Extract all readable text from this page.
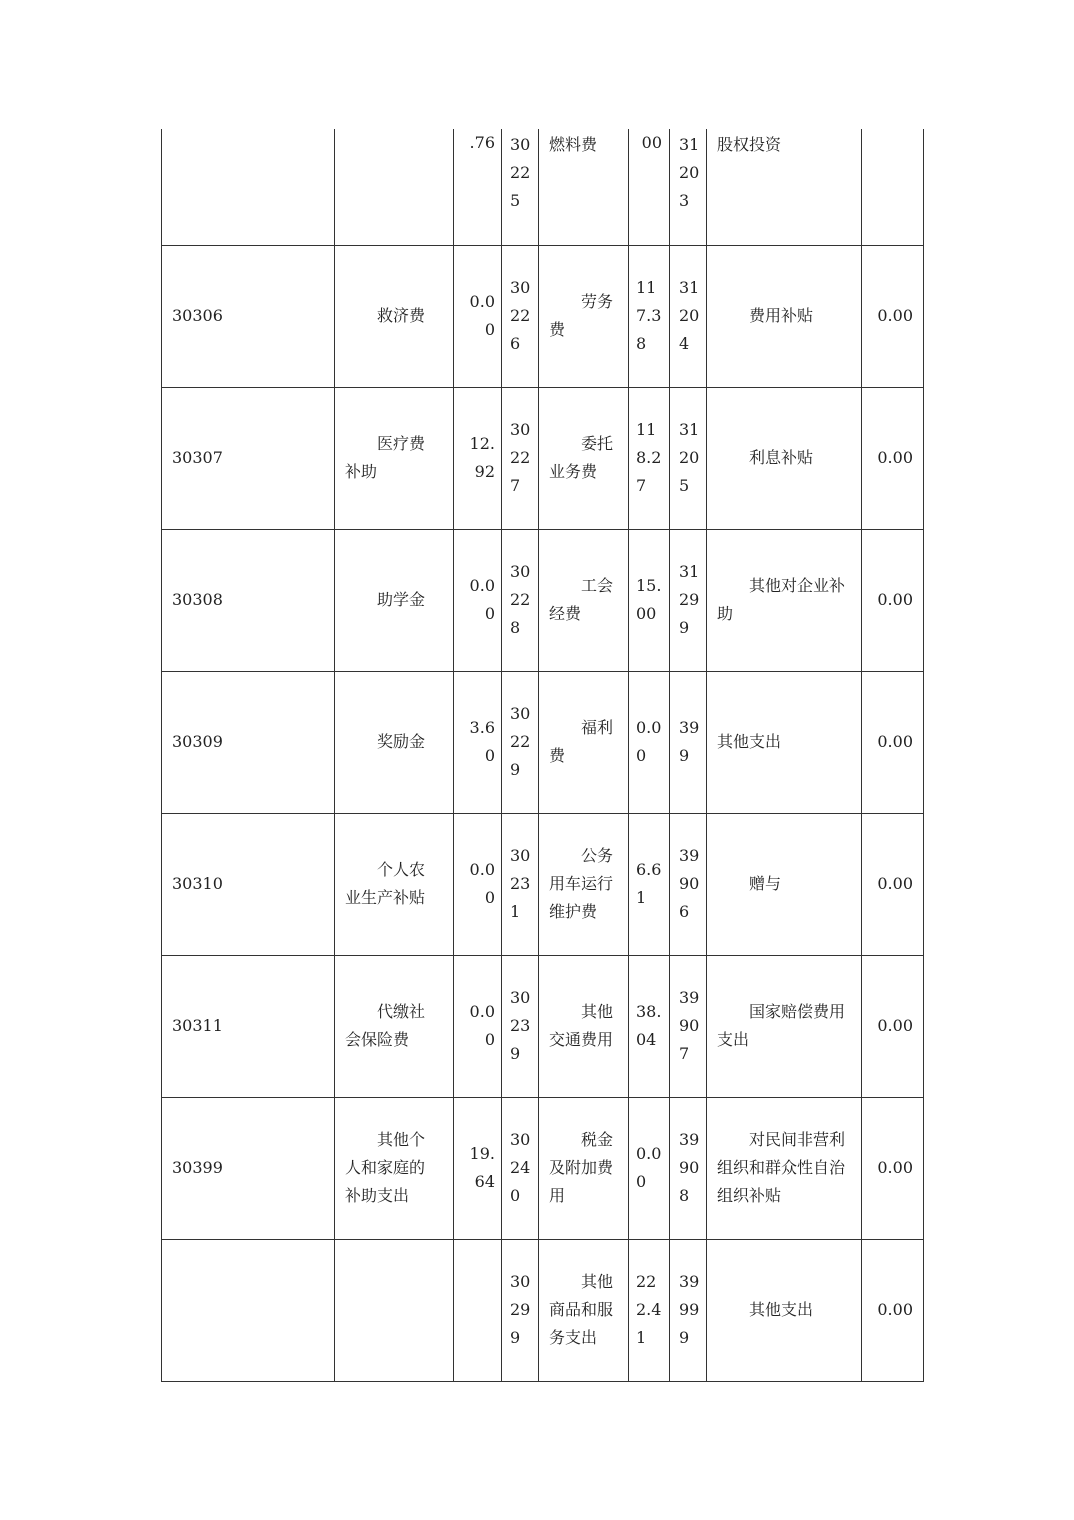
		.76	30225	燃料费	00	31203	股权投资	
30306	救济费	0.00	30226	劳务费	117.38	31204	费用补贴	0.00
30307	医疗费补助	12.92	30227	委托业务费	118.27	31205	利息补贴	0.00
30308	助学金	0.00	30228	工会经费	15.00	31299	其他对企业补助	0.00
30309	奖励金	3.60	30229	福利费	0.00	399	其他支出	0.00
30310	个人农业生产补贴	0.00	30231	公务用车运行维护费	6.61	39906	赠与	0.00
30311	代缴社会保险费	0.00	30239	其他交通费用	38.04	39907	国家赔偿费用支出	0.00
30399	其他个人和家庭的补助支出	19.64	30240	税金及附加费用	0.00	39908	对民间非营利组织和群众性自治组织补贴	0.00
			30299	其他商品和服务支出	222.41	39999	其他支出	0.00
